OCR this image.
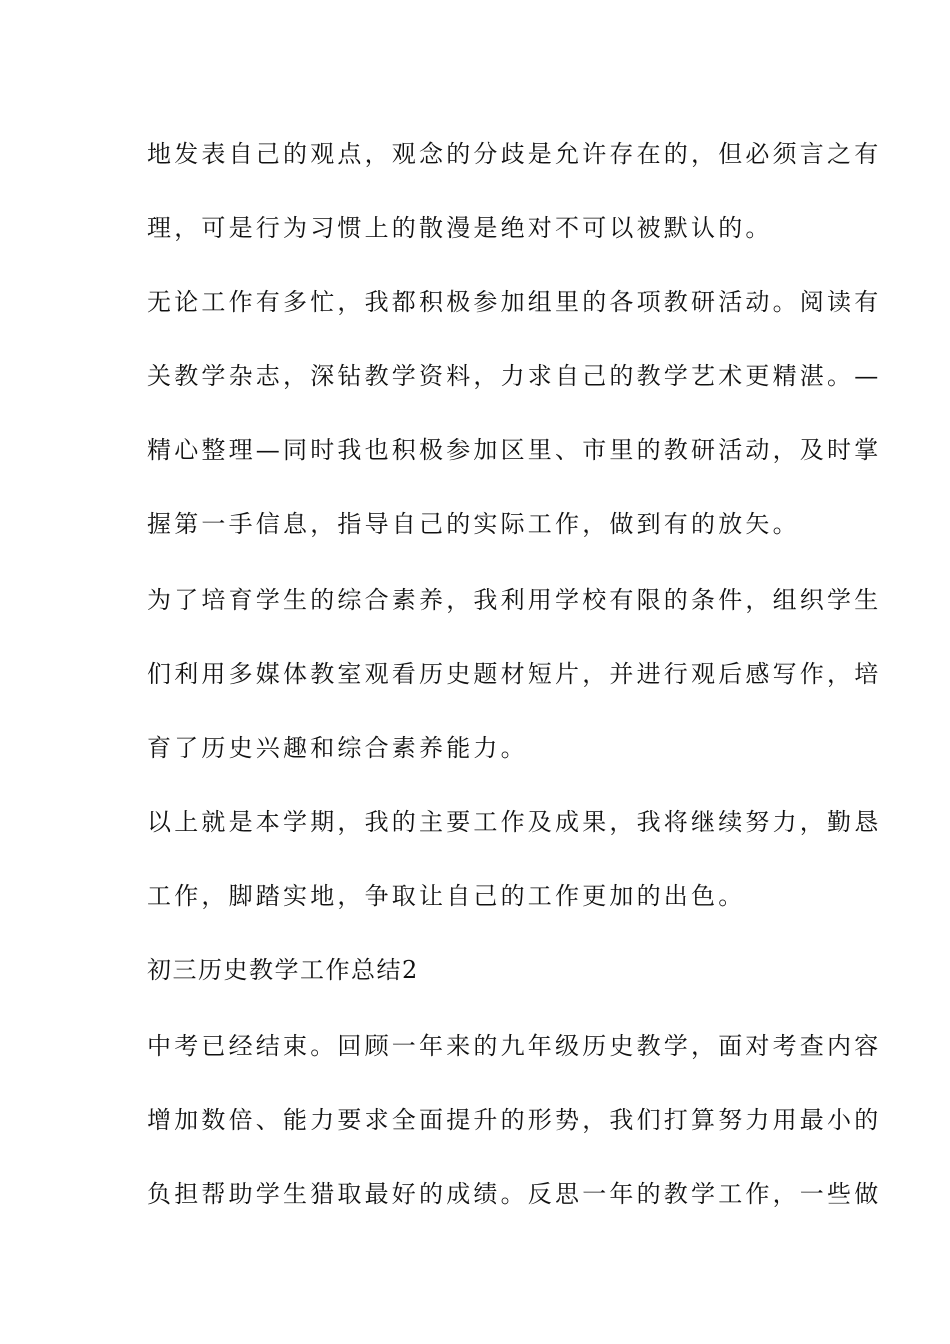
地发表自己的观点，观念的分歧是允许存在的，但必须言之有
理，可是行为习惯上的散漫是绝对不可以被默认的。
无论工作有多忙，我都积极参加组里的各项教研活动。阅读有
关教学杂志，深钻教学资料，力求自己的教学艺术更精湛。—
精心整理—同时我也积极参加区里、市里的教研活动，及时掌
握第一手信息，指导自己的实际工作，做到有的放矢。
为了培育学生的综合素养，我利用学校有限的条件，组织学生
们利用多媒体教室观看历史题材短片，并进行观后感写作，培
育了历史兴趣和综合素养能力。
以上就是本学期，我的主要工作及成果，我将继续努力，勤恳
工作，脚踏实地，争取让自己的工作更加的出色。
初三历史教学工作总结2
中考已经结束。回顾一年来的九年级历史教学，面对考查内容
增加数倍、能力要求全面提升的形势，我们打算努力用最小的
负担帮助学生猎取最好的成绩。反思一年的教学工作，一些做
